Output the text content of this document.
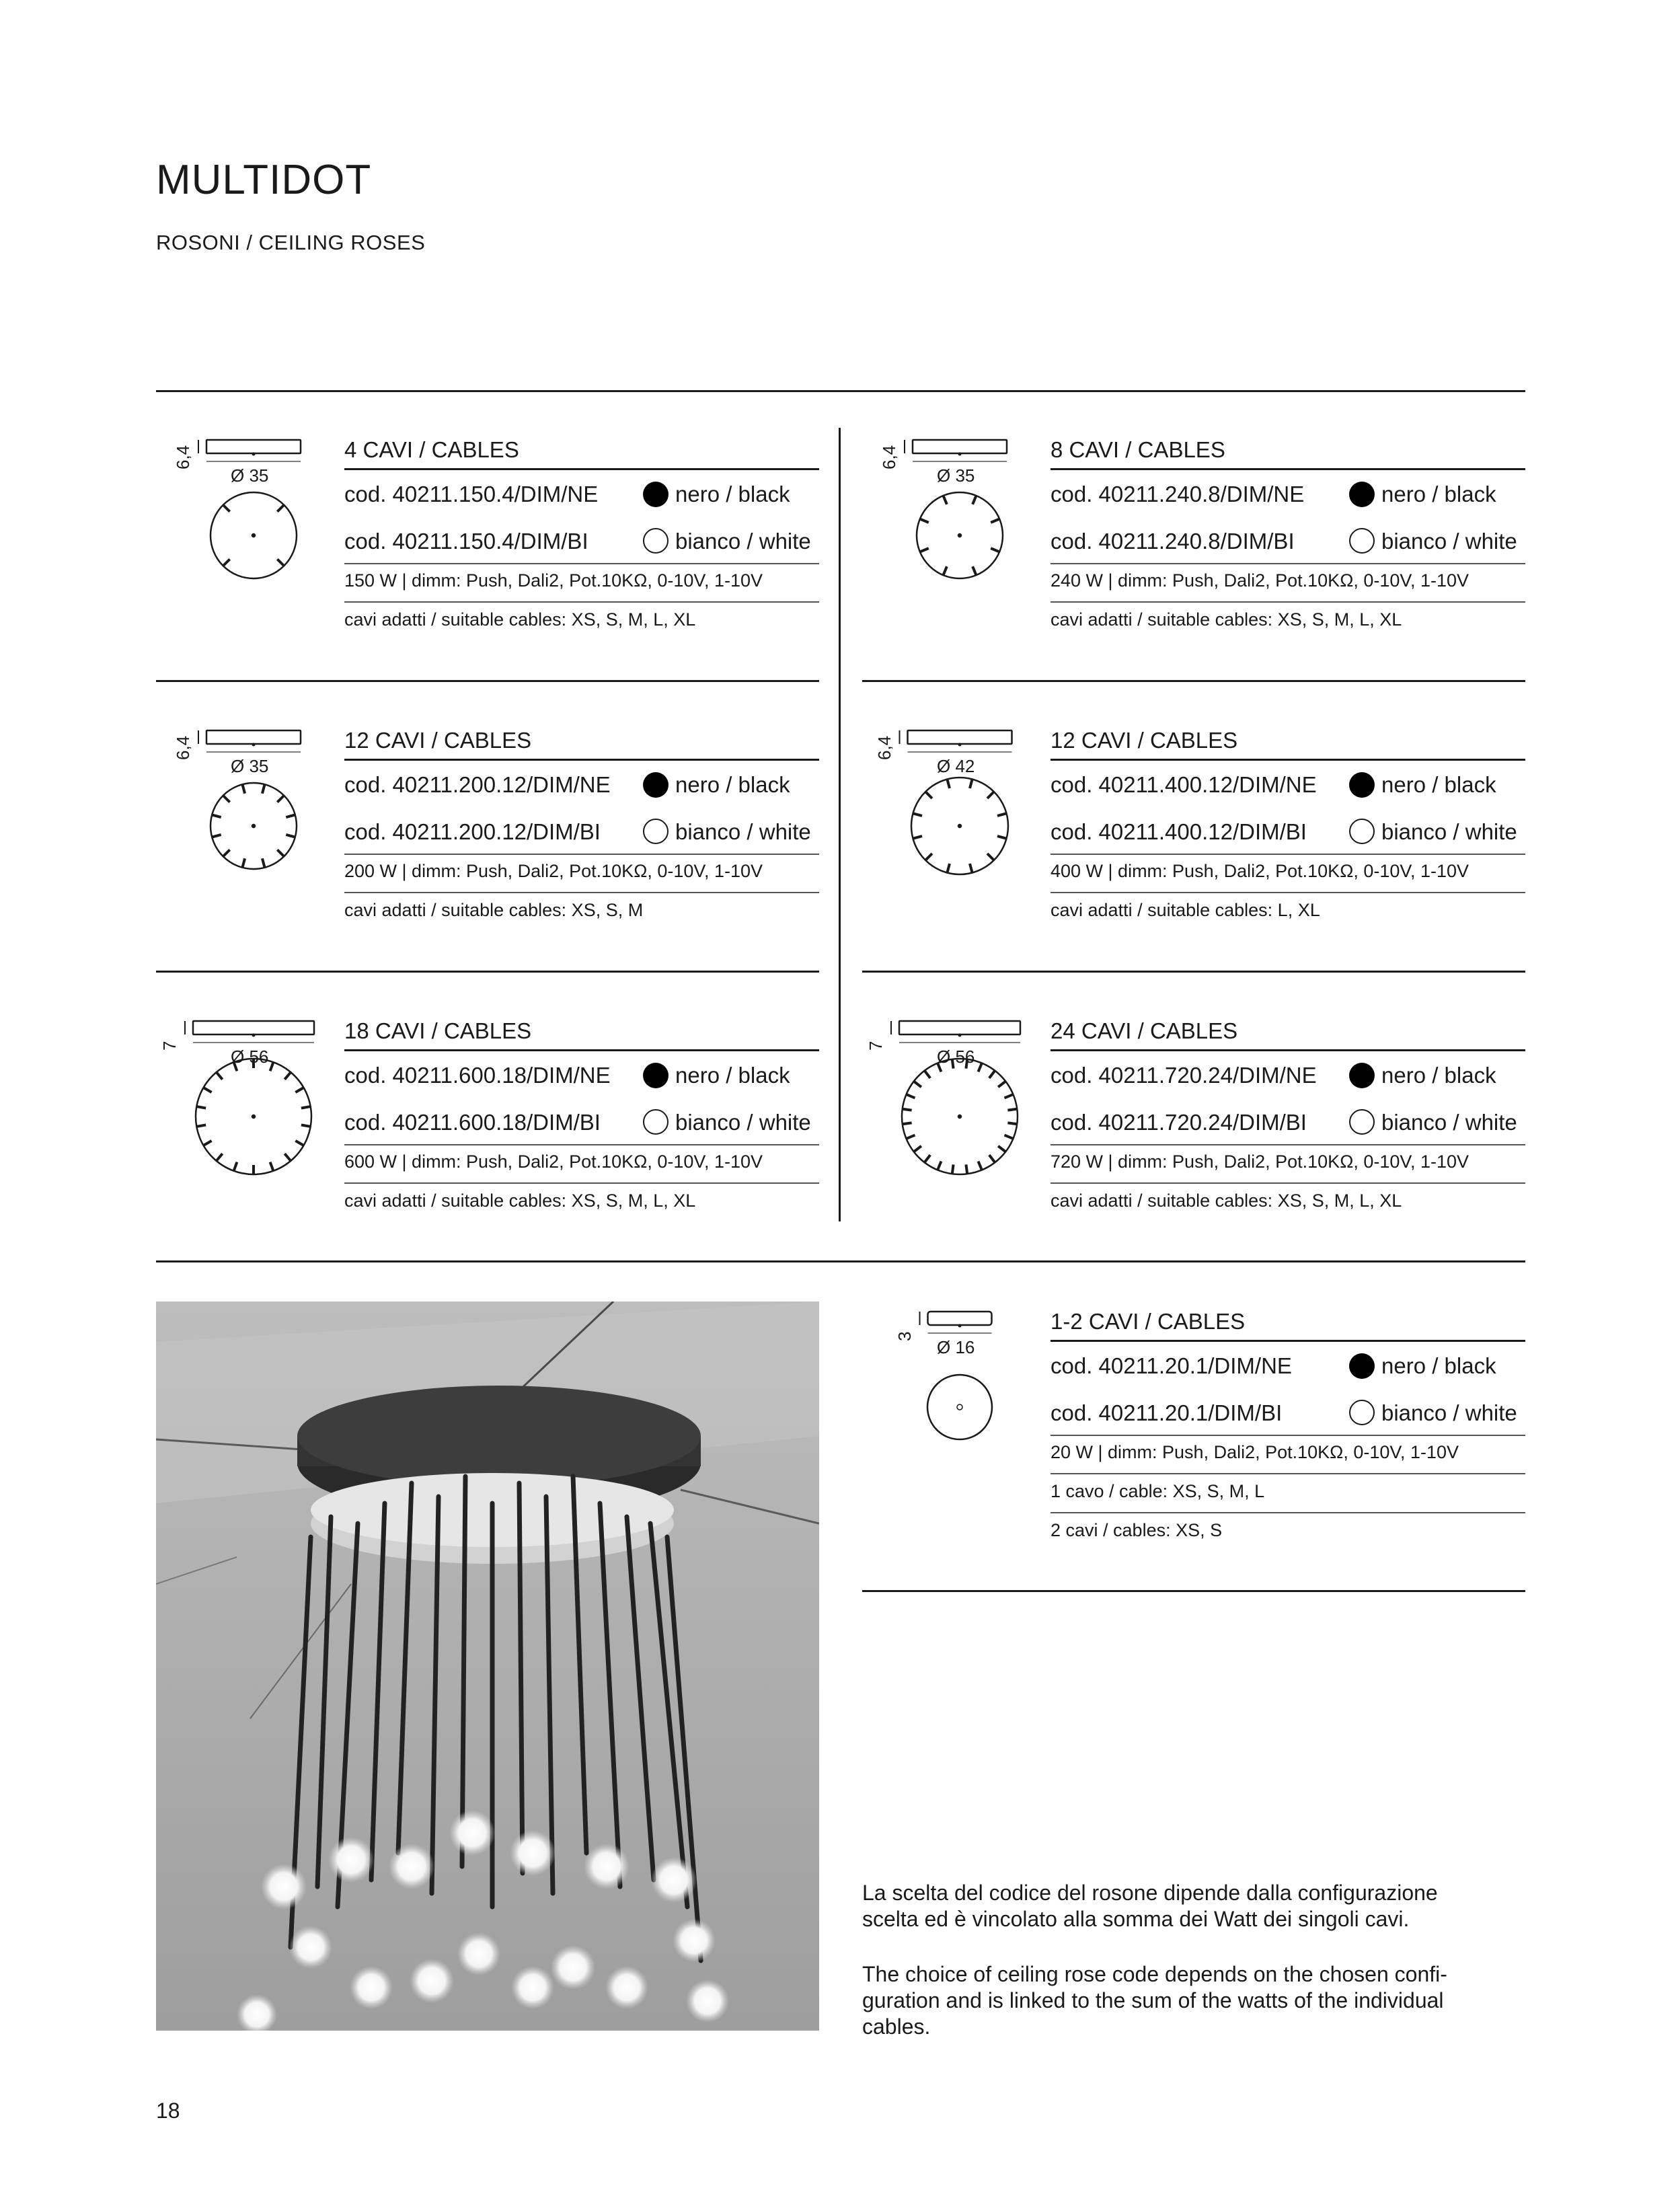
MULTIDOT
ROSONI / CEILING ROSES
6,4
Ø 35
4 CAVI / CABLES
cod. 40211.150.4/DIM/NE	nero / black
cod. 40211.150.4/DIM/BI	bianco / white
150 W | dimm: Push, Dali2, Pot.10KΩ, 0-10V, 1-10V
cavi adatti / suitable cables: XS, S, M, L, XL
6,4
Ø 35
8 CAVI / CABLES
cod. 40211.240.8/DIM/NE	nero / black
cod. 40211.240.8/DIM/BI	bianco / white
240 W | dimm: Push, Dali2, Pot.10KΩ, 0-10V, 1-10V
cavi adatti / suitable cables: XS, S, M, L, XL
6,4
Ø 35
12 CAVI / CABLES
cod. 40211.200.12/DIM/NE	nero / black
cod. 40211.200.12/DIM/BI	bianco / white
200 W | dimm: Push, Dali2, Pot.10KΩ, 0-10V, 1-10V
cavi adatti / suitable cables: XS, S, M
6,4
Ø 42
12 CAVI / CABLES
cod. 40211.400.12/DIM/NE	nero / black
cod. 40211.400.12/DIM/BI	bianco / white
400 W | dimm: Push, Dali2, Pot.10KΩ, 0-10V, 1-10V
cavi adatti / suitable cables: L, XL
7
Ø 56
18 CAVI / CABLES
cod. 40211.600.18/DIM/NE	nero / black
cod. 40211.600.18/DIM/BI	bianco / white
600 W | dimm: Push, Dali2, Pot.10KΩ, 0-10V, 1-10V
cavi adatti / suitable cables: XS, S, M, L, XL
7
Ø 56
24 CAVI / CABLES
cod. 40211.720.24/DIM/NE	nero / black
cod. 40211.720.24/DIM/BI	bianco / white
720 W | dimm: Push, Dali2, Pot.10KΩ, 0-10V, 1-10V
cavi adatti / suitable cables: XS, S, M, L, XL
3
Ø 16
1-2 CAVI / CABLES
cod. 40211.20.1/DIM/NE	nero / black
cod. 40211.20.1/DIM/BI	bianco / white
20 W | dimm: Push, Dali2, Pot.10KΩ, 0-10V, 1-10V
1 cavo / cable: XS, S, M, L
2 cavi / cables: XS, S
La scelta del codice del rosone dipende dalla configurazione
scelta ed è vincolato alla somma dei Watt dei singoli cavi.
The choice of ceiling rose code depends on the chosen confi-
guration and is linked to the sum of the watts of the individual
cables.
18
